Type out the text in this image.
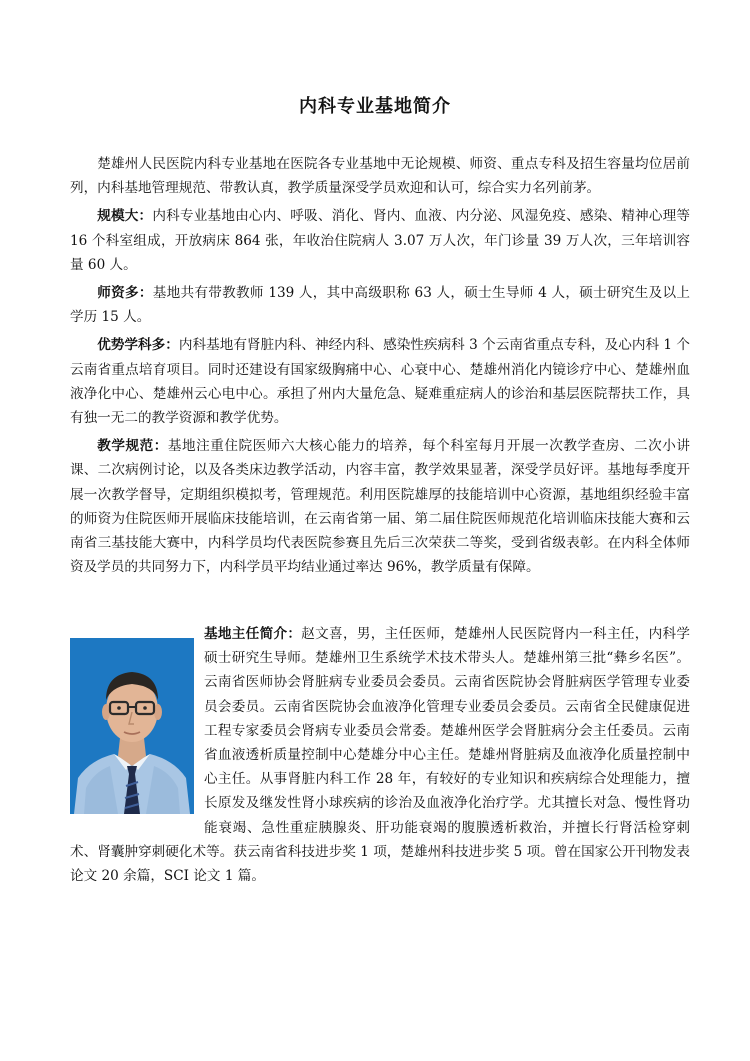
内科专业基地简介

楚雄州人民医院内科专业基地在医院各专业基地中无论规模、师资、重点专科及招生容量均位居前列，内科基地管理规范、带教认真，教学质量深受学员欢迎和认可，综合实力名列前茅。

规模大：内科专业基地由心内、呼吸、消化、肾内、血液、内分泌、风湿免疫、感染、精神心理等 16 个科室组成，开放病床 864 张，年收治住院病人 3.07 万人次，年门诊量 39 万人次，三年培训容量 60 人。

师资多：基地共有带教教师 139 人，其中高级职称 63 人，硕士生导师 4 人，硕士研究生及以上学历 15 人。

优势学科多：内科基地有肾脏内科、神经内科、感染性疾病科 3 个云南省重点专科，及心内科 1 个云南省重点培育项目。同时还建设有国家级胸痛中心、心衰中心、楚雄州消化内镜诊疗中心、楚雄州血液净化中心、楚雄州云心电中心。承担了州内大量危急、疑难重症病人的诊治和基层医院帮扶工作，具有独一无二的教学资源和教学优势。

教学规范：基地注重住院医师六大核心能力的培养，每个科室每月开展一次教学查房、二次小讲课、二次病例讨论，以及各类床边教学活动，内容丰富，教学效果显著，深受学员好评。基地每季度开展一次教学督导，定期组织模拟考，管理规范。利用医院雄厚的技能培训中心资源，基地组织经验丰富的师资为住院医师开展临床技能培训，在云南省第一届、第二届住院医师规范化培训临床技能大赛和云南省三基技能大赛中，内科学员均代表医院参赛且先后三次荣获二等奖，受到省级表彰。在内科全体师资及学员的共同努力下，内科学员平均结业通过率达 96%，教学质量有保障。

基地主任简介：赵文喜，男，主任医师，楚雄州人民医院肾内一科主任，内科学硕士研究生导师。楚雄州卫生系统学术技术带头人。楚雄州第三批“彝乡名医”。云南省医师协会肾脏病专业委员会委员。云南省医院协会肾脏病医学管理专业委员会委员。云南省医院协会血液净化管理专业委员会委员。云南省全民健康促进工程专家委员会肾病专业委员会常委。楚雄州医学会肾脏病分会主任委员。云南省血液透析质量控制中心楚雄分中心主任。楚雄州肾脏病及血液净化质量控制中心主任。从事肾脏内科工作 28 年，有较好的专业知识和疾病综合处理能力，擅长原发及继发性肾小球疾病的诊治及血液净化治疗学。尤其擅长对急、慢性肾功能衰竭、急性重症胰腺炎、肝功能衰竭的腹膜透析救治，并擅长行肾活检穿刺术、肾囊肿穿刺硬化术等。获云南省科技进步奖 1 项，楚雄州科技进步奖 5 项。曾在国家公开刊物发表论文 20 余篇，SCI 论文 1 篇。
